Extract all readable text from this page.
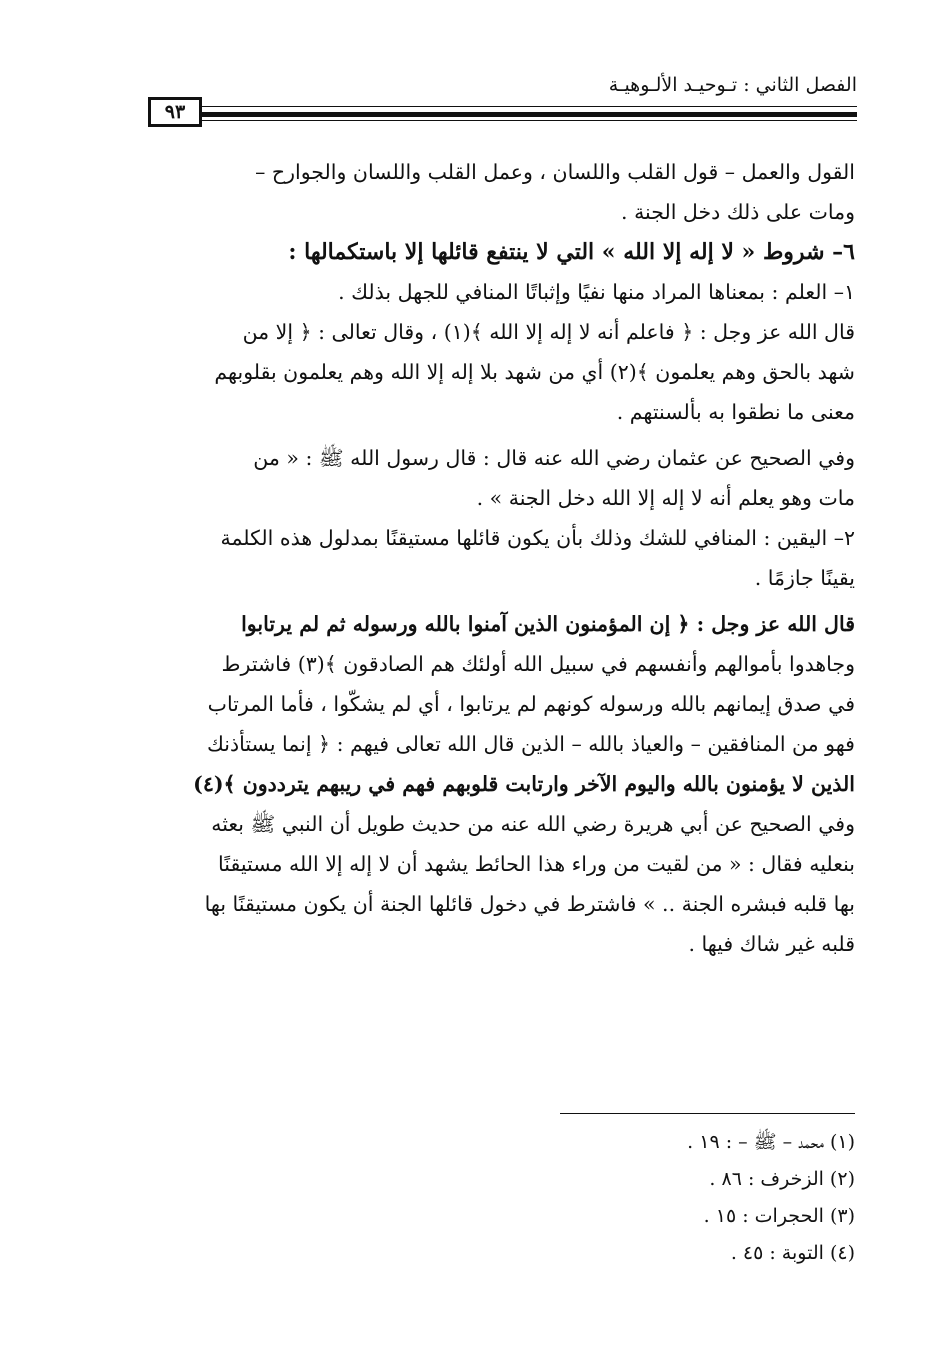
الفصل الثاني : تـوحيـد الألـوهيـة
٩٣
القول والعمل – قول القلب واللسان ، وعمل القلب واللسان والجوارح –
ومات على ذلك دخل الجنة .
٦– شروط « لا إله إلا الله » التي لا ينتفع قائلها إلا باستكمالها :
١– العلم : بمعناها المراد منها نفيًا وإثباتًا المنافي للجهل بذلك .
قال الله عز وجل : ﴿ فاعلم أنه لا إله إلا الله ﴾(١) ، وقال تعالى : ﴿ إلا من
شهد بالحق وهم يعلمون ﴾(٢) أي من شهد بلا إله إلا الله وهم يعلمون بقلوبهم
معنى ما نطقوا به بألسنتهم .
وفي الصحيح عن عثمان رضي الله عنه قال : قال رسول الله ﷺ : « من
مات وهو يعلم أنه لا إله إلا الله دخل الجنة » .
٢– اليقين : المنافي للشك وذلك بأن يكون قائلها مستيقنًا بمدلول هذه الكلمة
يقينًا جازمًا .
قال الله عز وجل : ﴿ إن المؤمنون الذين آمنوا بالله ورسوله ثم لم يرتابوا
وجاهدوا بأموالهم وأنفسهم في سبيل الله أولئك هم الصادقون ﴾(٣) فاشترط
في صدق إيمانهم بالله ورسوله كونهم لم يرتابوا ، أي لم يشكّوا ، فأما المرتاب
فهو من المنافقين – والعياذ بالله – الذين قال الله تعالى فيهم : ﴿ إنما يستأذنك
الذين لا يؤمنون بالله واليوم الآخر وارتابت قلوبهم فهم في ريبهم يترددون ﴾(٤)
وفي الصحيح عن أبي هريرة رضي الله عنه من حديث طويل أن النبي ﷺ بعثه
بنعليه فقال : « من لقيت من وراء هذا الحائط يشهد أن لا إله إلا الله مستيقنًا
بها قلبه فبشره الجنة .. » فاشترط في دخول قائلها الجنة أن يكون مستيقنًا بها
قلبه غير شاك فيها .
(١) محمد – ﷺ – : ١٩ .
(٢) الزخرف : ٨٦ .
(٣) الحجرات : ١٥ .
(٤) التوبة : ٤٥ .
